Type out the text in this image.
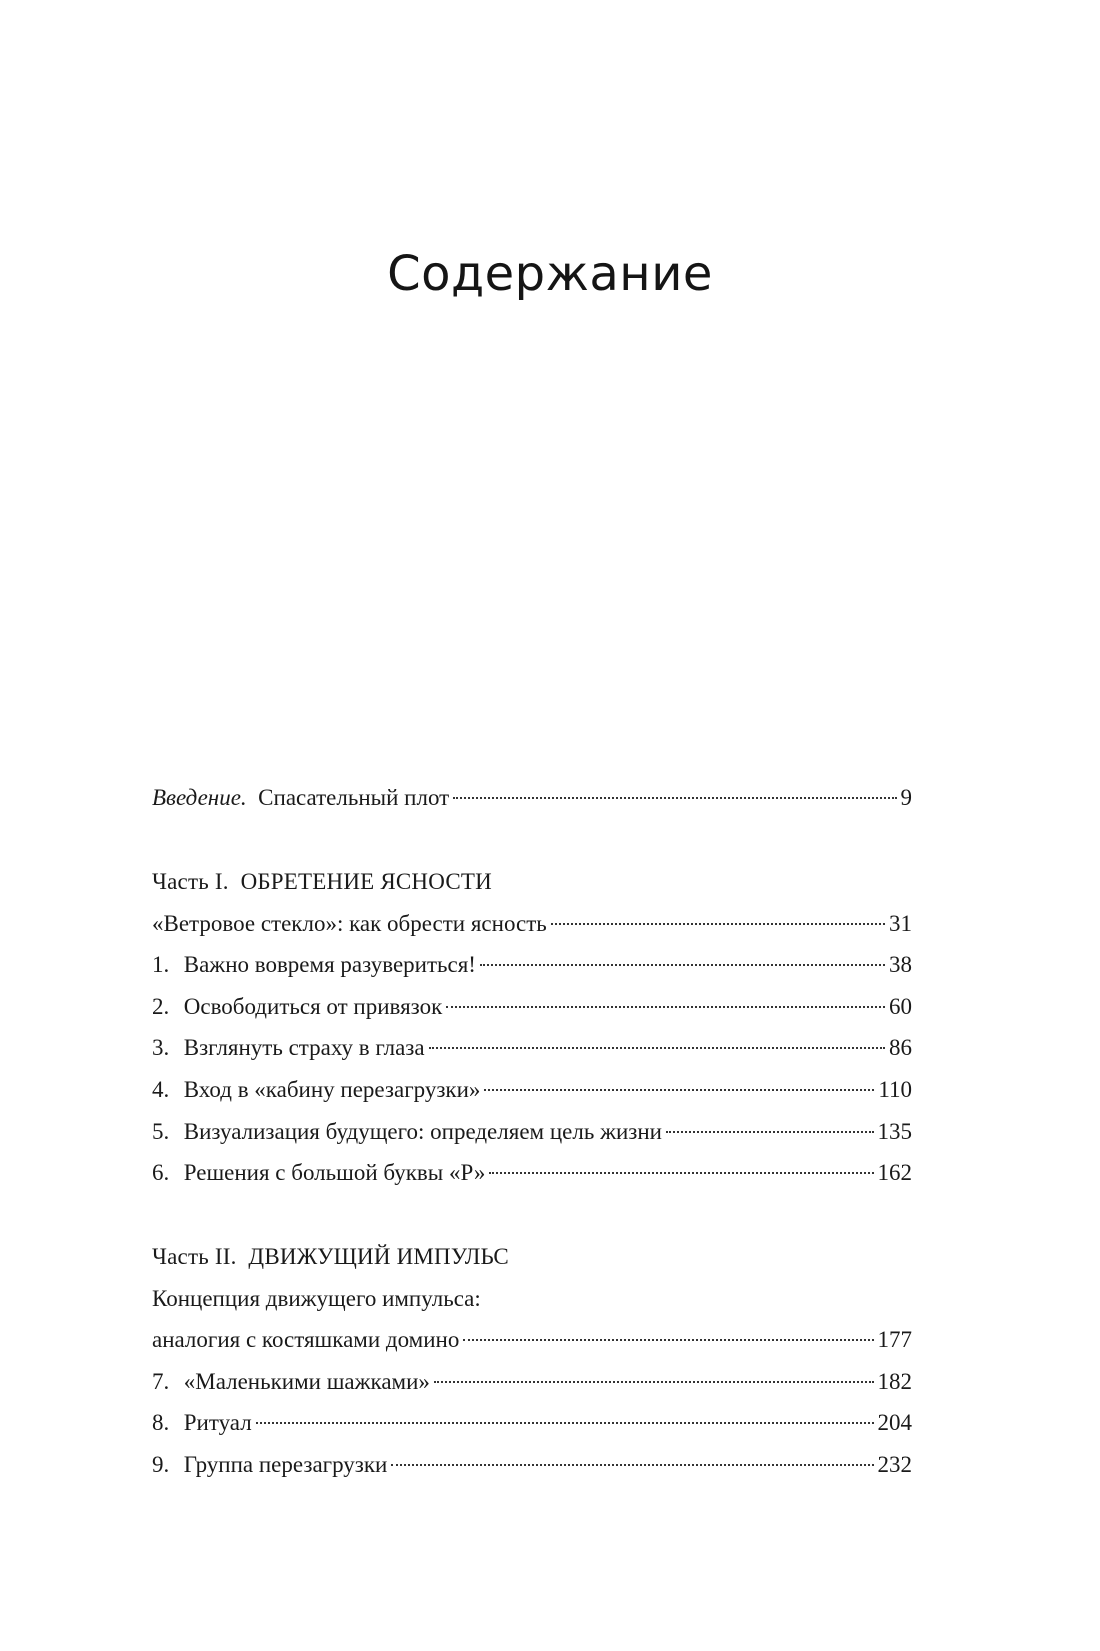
Содержание
Введение. Спасательный плот	9
Часть I.  ОБРЕТЕНИЕ ЯСНОСТИ
«Ветровое стекло»: как обрести ясность	31
1. Важно вовремя разувериться!	38
2. Освободиться от привязок	60
3. Взглянуть страху в глаза	86
4. Вход в «кабину перезагрузки»	110
5. Визуализация будущего: определяем цель жизни	135
6. Решения с большой буквы «Р»	162
Часть II.  ДВИЖУЩИЙ ИМПУЛЬС
Концепция движущего импульса:
аналогия с костяшками домино	177
7. «Маленькими шажками»	182
8. Ритуал	204
9. Группа перезагрузки	232
